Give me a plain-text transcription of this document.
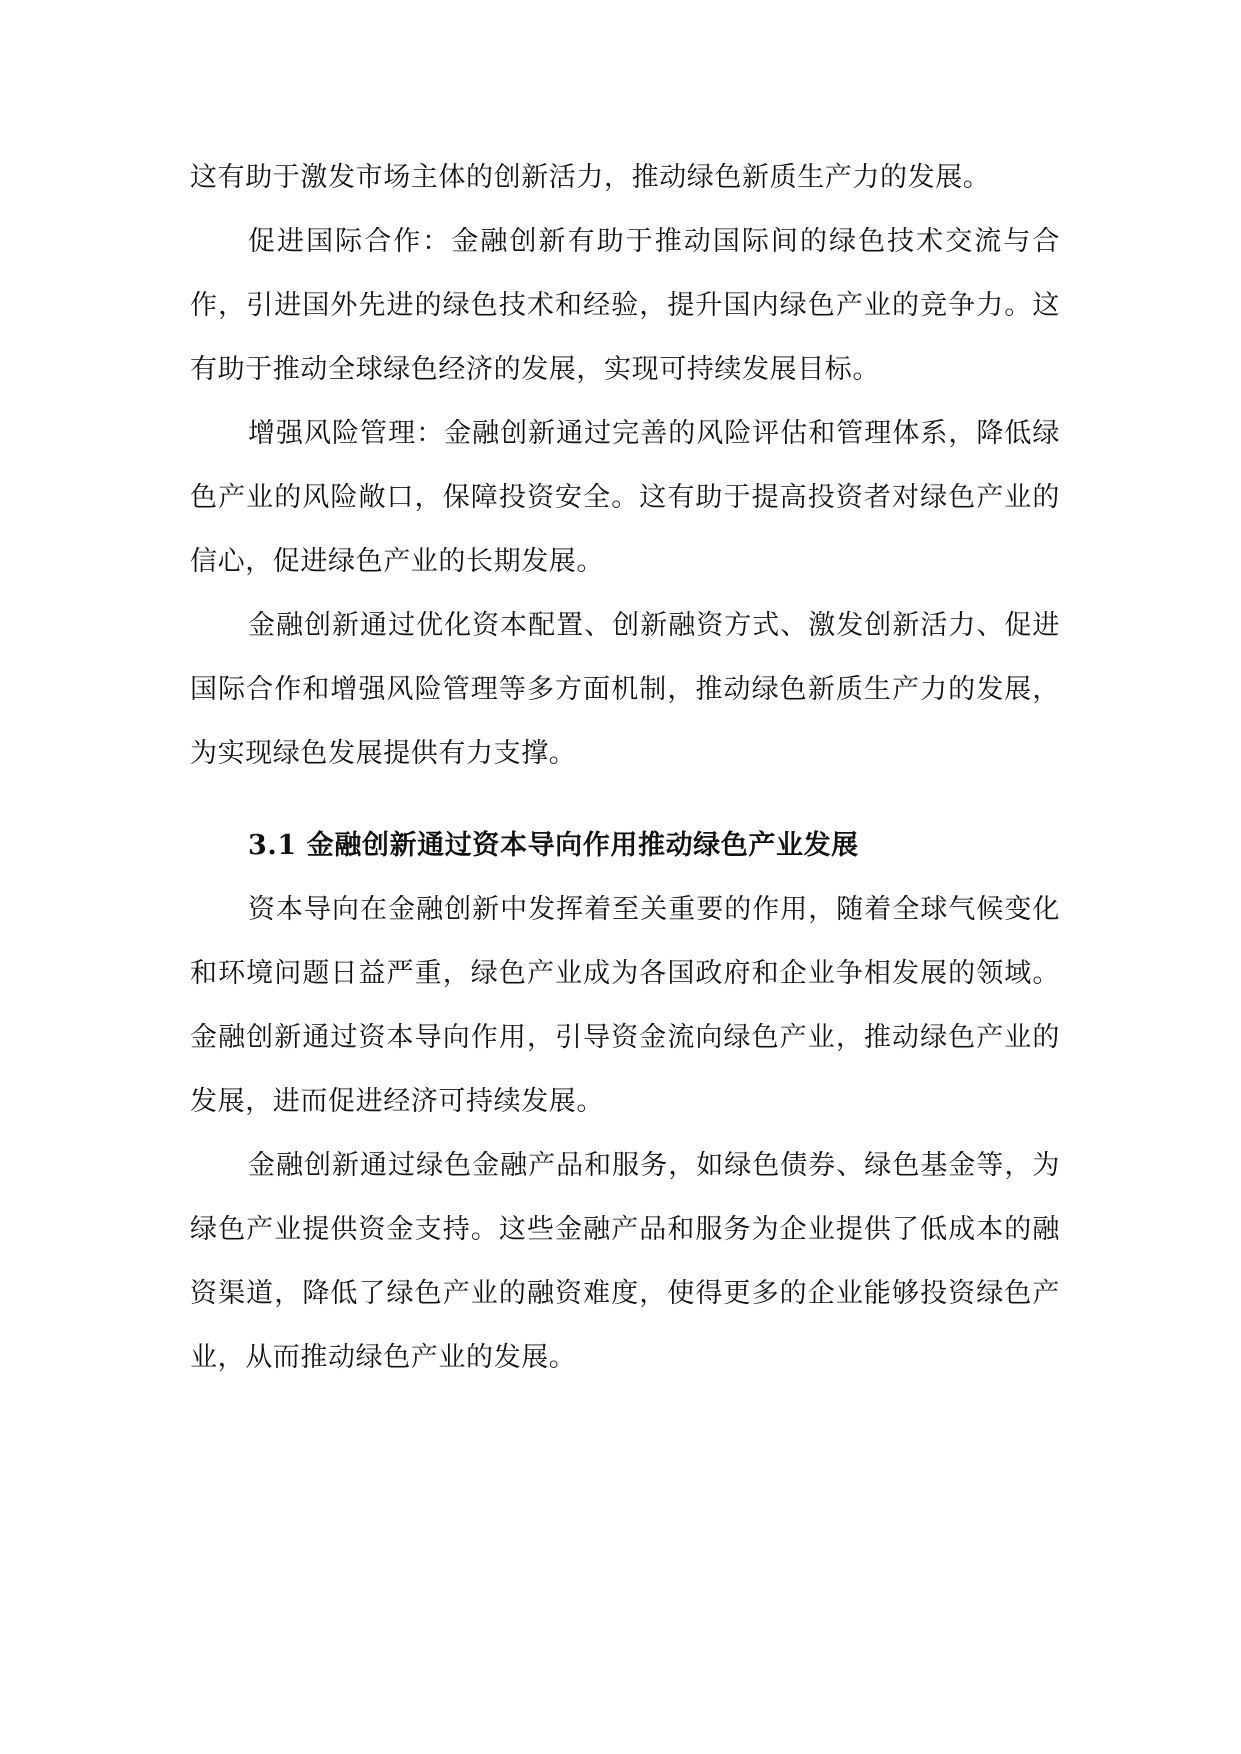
这有助于激发市场主体的创新活力，推动绿色新质生产力的发展。

促进国际合作：金融创新有助于推动国际间的绿色技术交流与合作，引进国外先进的绿色技术和经验，提升国内绿色产业的竞争力。这有助于推动全球绿色经济的发展，实现可持续发展目标。

增强风险管理：金融创新通过完善的风险评估和管理体系，降低绿色产业的风险敞口，保障投资安全。这有助于提高投资者对绿色产业的信心，促进绿色产业的长期发展。

金融创新通过优化资本配置、创新融资方式、激发创新活力、促进国际合作和增强风险管理等多方面机制，推动绿色新质生产力的发展，为实现绿色发展提供有力支撑。

3.1 金融创新通过资本导向作用推动绿色产业发展

资本导向在金融创新中发挥着至关重要的作用，随着全球气候变化和环境问题日益严重，绿色产业成为各国政府和企业争相发展的领域。金融创新通过资本导向作用，引导资金流向绿色产业，推动绿色产业的发展，进而促进经济可持续发展。

金融创新通过绿色金融产品和服务，如绿色债券、绿色基金等，为绿色产业提供资金支持。这些金融产品和服务为企业提供了低成本的融资渠道，降低了绿色产业的融资难度，使得更多的企业能够投资绿色产业，从而推动绿色产业的发展。
